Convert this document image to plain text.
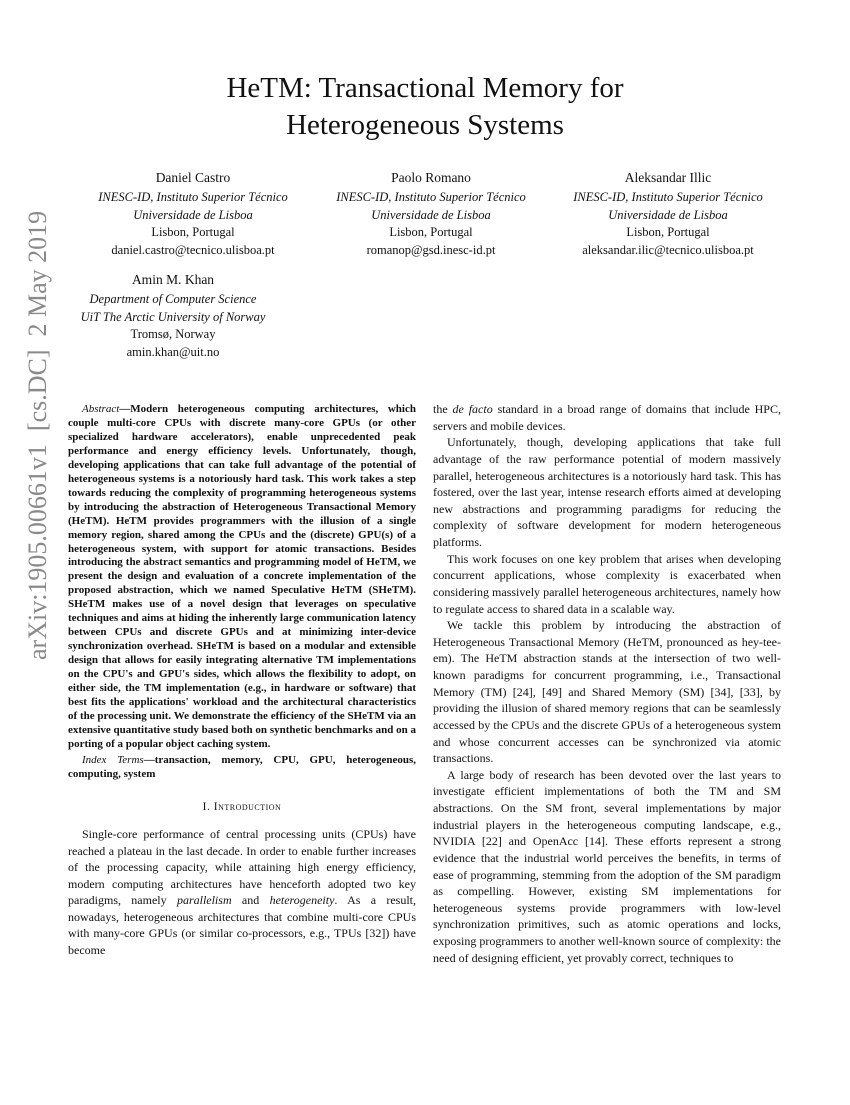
arXiv:1905.00661v1  [cs.DC]  2 May 2019
HeTM: Transactional Memory for
Heterogeneous Systems
Daniel Castro
INESC-ID, Instituto Superior Técnico
Universidade de Lisboa
Lisbon, Portugal
daniel.castro@tecnico.ulisboa.pt
Paolo Romano
INESC-ID, Instituto Superior Técnico
Universidade de Lisboa
Lisbon, Portugal
romanop@gsd.inesc-id.pt
Aleksandar Illic
INESC-ID, Instituto Superior Técnico
Universidade de Lisboa
Lisbon, Portugal
aleksandar.ilic@tecnico.ulisboa.pt
Amin M. Khan
Department of Computer Science
UiT The Arctic University of Norway
Tromsø, Norway
amin.khan@uit.no

Abstract—Modern heterogeneous computing architectures, which couple multi-core CPUs with discrete many-core GPUs (or other specialized hardware accelerators), enable unprecedented peak performance and energy efficiency levels. Unfortunately, though, developing applications that can take full advantage of the potential of heterogeneous systems is a notoriously hard task. This work takes a step towards reducing the complexity of programming heterogeneous systems by introducing the abstraction of Heterogeneous Transactional Memory (HeTM). HeTM provides programmers with the illusion of a single memory region, shared among the CPUs and the (discrete) GPU(s) of a heterogeneous system, with support for atomic transactions. Besides introducing the abstract semantics and programming model of HeTM, we present the design and evaluation of a concrete implementation of the proposed abstraction, which we named Speculative HeTM (SHeTM). SHeTM makes use of a novel design that leverages on speculative techniques and aims at hiding the inherently large communication latency between CPUs and discrete GPUs and at minimizing inter-device synchronization overhead. SHeTM is based on a modular and extensible design that allows for easily integrating alternative TM implementations on the CPU's and GPU's sides, which allows the flexibility to adopt, on either side, the TM implementation (e.g., in hardware or software) that best fits the applications' workload and the architectural characteristics of the processing unit. We demonstrate the efficiency of the SHeTM via an extensive quantitative study based both on synthetic benchmarks and on a porting of a popular object caching system.

Index Terms—transaction, memory, CPU, GPU, heterogeneous, computing, system

I. Introduction

Single-core performance of central processing units (CPUs) have reached a plateau in the last decade. In order to enable further increases of the processing capacity, while attaining high energy efficiency, modern computing architectures have henceforth adopted two key paradigms, namely parallelism and heterogeneity. As a result, nowadays, heterogeneous architectures that combine multi-core CPUs with many-core GPUs (or similar co-processors, e.g., TPUs [32]) have become

the de facto standard in a broad range of domains that include HPC, servers and mobile devices.

Unfortunately, though, developing applications that take full advantage of the raw performance potential of modern massively parallel, heterogeneous architectures is a notoriously hard task. This has fostered, over the last year, intense research efforts aimed at developing new abstractions and programming paradigms for reducing the complexity of software development for modern heterogeneous platforms.

This work focuses on one key problem that arises when developing concurrent applications, whose complexity is exacerbated when considering massively parallel heterogeneous architectures, namely how to regulate access to shared data in a scalable way.

We tackle this problem by introducing the abstraction of Heterogeneous Transactional Memory (HeTM, pronounced as hey-tee-em). The HeTM abstraction stands at the intersection of two well-known paradigms for concurrent programming, i.e., Transactional Memory (TM) [24], [49] and Shared Memory (SM) [34], [33], by providing the illusion of shared memory regions that can be seamlessly accessed by the CPUs and the discrete GPUs of a heterogeneous system and whose concurrent accesses can be synchronized via atomic transactions.

A large body of research has been devoted over the last years to investigate efficient implementations of both the TM and SM abstractions. On the SM front, several implementations by major industrial players in the heterogeneous computing landscape, e.g., NVIDIA [22] and OpenAcc [14]. These efforts represent a strong evidence that the industrial world perceives the benefits, in terms of ease of programming, stemming from the adoption of the SM paradigm as compelling. However, existing SM implementations for heterogeneous systems provide programmers with low-level synchronization primitives, such as atomic operations and locks, exposing programmers to another well-known source of complexity: the need of designing efficient, yet provably correct, techniques to
